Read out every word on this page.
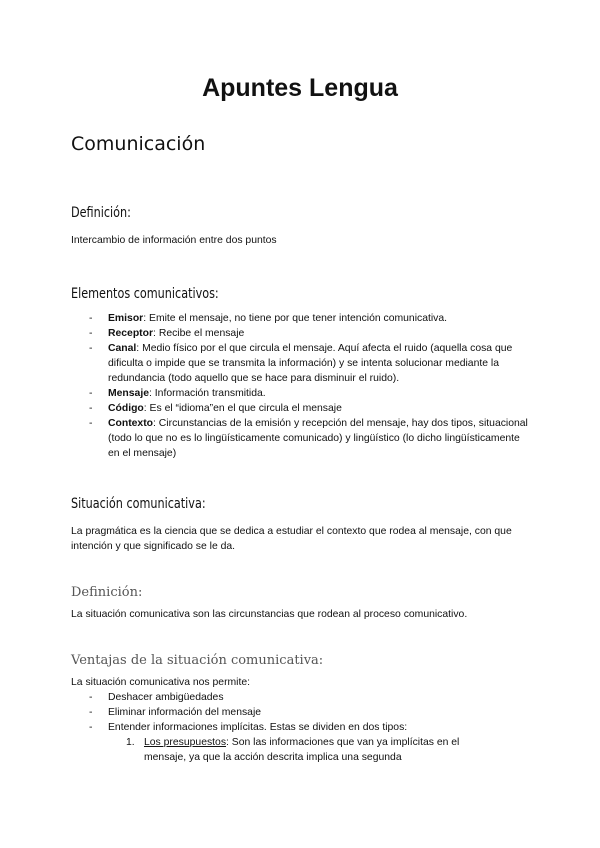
Apuntes Lengua
Comunicación
Definición:

Intercambio de información entre dos puntos

Elementos comunicativos:
- Emisor: Emite el mensaje, no tiene por que tener intención comunicativa.
- Receptor: Recibe el mensaje
- Canal: Medio físico por el que circula el mensaje. Aquí afecta el ruido (aquella cosa que dificulta o impide que se transmita la información) y se intenta solucionar mediante la redundancia (todo aquello que se hace para disminuir el ruido).
- Mensaje: Información transmitida.
- Código: Es el “idioma”en el que circula el mensaje
- Contexto: Circunstancias de la emisión y recepción del mensaje, hay dos tipos, situacional (todo lo que no es lo lingüísticamente comunicado) y lingüístico (lo dicho lingüísticamente en el mensaje)
Situación comunicativa:

La pragmática es la ciencia que se dedica a estudiar el contexto que rodea al mensaje, con que intención y que significado se le da.

Definición:

La situación comunicativa son las circunstancias que rodean al proceso comunicativo.

Ventajas de la situación comunicativa:

La situación comunicativa nos permite:

- Deshacer ambigüedades
- Eliminar información del mensaje
- Entender informaciones implícitas. Estas se dividen en dos tipos:
1. Los presupuestos: Son las informaciones que van ya implícitas en el mensaje, ya que la acción descrita implica una segunda
